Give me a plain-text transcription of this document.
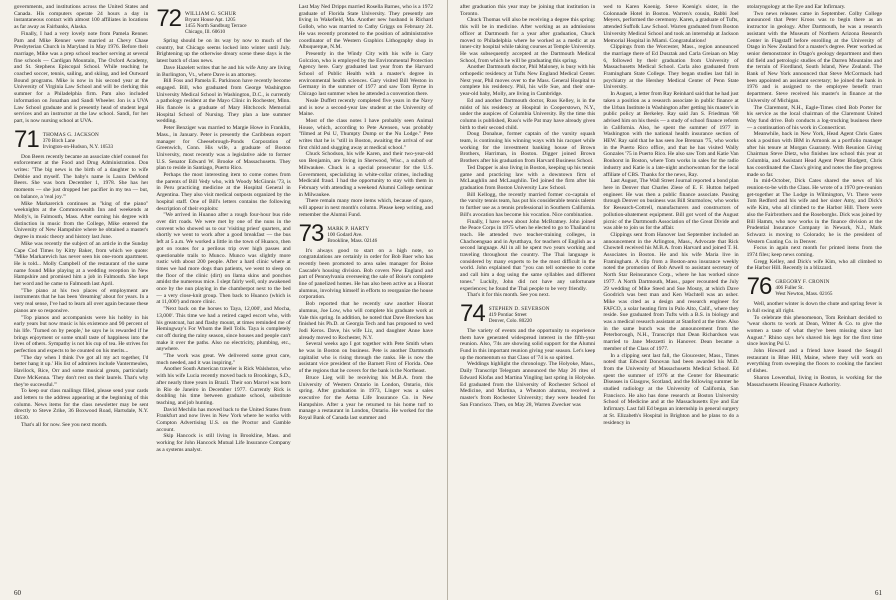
governments, and institutions across the United States and Canada. His computers operate 24 hours a day in instantaneous contact with almost 100 affiliates in locations as far away as Fairbanks, Alaska.

Finally, I had a very lovely note from Pamela Renner. Pam and Mike Renner were married at Chevy Chase Presbyterian Church in Maryland in May 1976. Before their marriage, Mike was a prep school teacher serving at several fine schools — Cardigan Mountain, The Oxford Academy, and St. Stephens Episcopal School. While teaching he coached soccer, tennis, sailing, and skiing, and led Outward Bound programs. Mike is now in his second year at the University of Virginia Law School and will be clerking this summer for a Philadelphia firm. Pam also included information on Jonathan and Sandi Wheeler. Jon is a UVA Law School graduate and is presently head of student legal services and an instructor at the law school. Sandi, for her part, is now nursing school at UVA.

71 THOMAS G. JACKSON
370 Birch Lane
Irvington-on-Hudson, N.Y. 10533

Don Beers recently became an associate chief counsel for enforcement at the Food and Drug Administration. Don writes: "The big news is the birth of a daughter to wife Debbie and myself. The baby's name is Laura DeMond Beers. She was born December 1, 1978. She has her moments — she just dropped her pacifier in my tea — but, on balance, a 'real joy.'"

Mike Markarerich continues as "king of the piano" weeknights at the Commonwealth Inn and weekends at Molly's, in Falmouth, Mass. After earning his degree with distinction in music from the College, Mike entered the University of New Hampshire where he obtained a master's degree in music theory and history last June.

Mike was recently the subject of an article in the Sunday Cape Cod Times by Kitty Baker, from which we quote: "Mike Markarevich has never seen his one-room apartment. He is told... Molly Campbell of the restaurant of the same name found Mike playing at a wedding reception in New Hampshire and promised him a job in Falmouth. She kept her word and he came to Falmouth last April.

"The piano at his two places of employment are instruments that he has been 'dreaming' about for years. In a very real sense, I've had to learn all over again because these pianos are so responsive.

"Top pianos and accompanists were his hobby in his early years but now music is his existence and 90 percent of his life. 'Turned on by people,' he says he is rewarded if he brings enjoyment or some small taste of happiness into the lives of others. Sympathy is not his cup of tea. He strives for perfection and expects to be counted on his merits...

"The day when I think I've got all my act together, I'd better hang it up.' His list of admirers include Vantermeulen, Havilock, Rice, Orr and some musical greats, particularly Dave McKenna. 'They don't rest on their laurels. That's why they're successful.'"

To keep our class mailings filled, please send your cards and letters to the address appearing at the beginning of this column. News items for the class newsletter may be sent directly to Steve Zrike, 36 Boxwood Road, Hartsdale, N.Y. 10530.

That's all for now. See you next month.

72 WILLIAM G. SCHUR
Bryant House Apt. 1205
1455 North Sandburg Terrace
Chicago, Ill. 60610

Spring should be on its way by now to much of the country, but Chicago seems locked into winter until July. Brightening up the otherwise dreary scene these days is the latest batch of class news.

Dave Hazelett writes that he and his wife Amy are living in Burlington, Vt., where Dave is an attorney.

Bill Foss and Pamela E. Parkinson have recently become engaged. Bill, who graduated from George Washington University Medical School in Washington, D.C., is currently a pathology resident at the Mayo Clinic in Rochester, Minn. His fiancée is a graduate of Mary Hitchcock Memorial Hospital School of Nursing. They plan a late summer wedding.

Peter Benziger was married to Margie Howe in Franklin, Mass., in January. Peter is presently the Caribbean export manager for Cheesebrough-Ponds Corporation of Greenwich, Conn. His wife, a graduate of Boston University, most recently was a legislative aide to former U.S. Senator Edward W. Brooke of Massachusetts. They plan to reside in Santiago, Puerto Rico.

Perhaps the most interesting item to come comes from the parents of Bill Vedy who, with Woody McGinnis '73, is in Peru practicing medicine at the Hospital General in Argentina. They also visit medical outposts organized by the hospital staff. One of Bill's letters contains the following description of their exploits:

"We arrived in Huanuo after a rough four-hour bus ride over dirt roads. We were met by one of the nuns in the convent who showed us to our 'visiting priest' quarters, and shortly we went to work after a good breakfast — the bus left at 5 a.m. We worked a little in the town of Huanco, then got on routes for a perilous trip over high passes and questionable trails to Munco. Munco was slightly more rustic with about 200 people. After a hard clinic where at times we had more dogs than patients, we went to sleep on the floor of the clinic (dirt) on llama skins and ponchos amidst the numerous mice. I slept fairly well, only awakened once by the nun playing in the chamberpot next to the bed — a very close-knit group. Then back to Huanco (which is at 11,000') and more clinic.

"Next back on the horses to Taya, 12,000', and Mocha, 13,000'. This time we had a retired caged escort who, with his greatcoat, hat and flashy mount, at times reminded me of Hemingway's For Whom the Bell Tolls. Taya is completely cut off during the rainy season, since houses and people can't make it over the paths. Also no electricity, plumbing, etc., anywhere.

"The work was great. We delivered some great care, much needed, and it was inspiring."

Another South American traveler is Rick Walshston, who with his wife Lucia recently moved back to Brookings, S.D., after nearly three years in Brazil. Their son Marcel was born in Rio de Janeiro in December 1977. Currently Rick is doubling his time between graduate school, substitute teaching, and job hunting.

David Mechlin has moved back to the United States from Frankfurt and now lives in New York where he works with Compton Advertising U.S. on the Proctor and Gamble account.

Skip Hancock is still living in Brookline, Mass. and working for John Hancock Mutual Life Insurance Company as a systems analyst.

Last May Ned Dripps married Rosella Barnes, who is a 1972 graduate of Florida State University. They presently are living in Wakefield, Ma. Another new husband is Richard Gollob, who was married to Cathy Griggs on February 24. He was recently promoted to the position of administrative coordinator of the Western Graphics Lithography shop in Albuquerque, N.M.

Presently in the Windy City with his wife is Gary Golczion, who is employed by the Environmental Protection Agency here. Gary graduated last year from the Harvard School of Public Health with a master's degree in environmental health sciences. Gary visited Bill Weston in Germany in the summer of 1977 and saw Tom Byrne in Chicago last summer when he attended a convention there.

Neale Duffett recently completed five years in the Navy and is now a second-year law student at the University of Maine.

Most of the class notes I have probably seen Animal House, which, according to Pete Arensen, was probably "filmed at Psi U, Thumpty Dump or the Nu Lodge." Pete writes that he is "still in Boston, awaiting the arrival of our first child and slugging away at medical school."

Chuck Schodson, his wife Karen, and their two-year-old son Benjamin, are living in Sherwood, Wisc., a suburb of Milwaukee. Chuck is a special prosecutor for the U.S. Government, specializing in white-collar crimes, including Medicaid fraud. I had the opportunity to stay with them in February with attending a weekend Alumni College seminar in Milwaukee.

There remain many more items which, because of space, will appear in next month's column. Please keep writing, and remember the Alumni Fund.

73 MARK P. HARTY
100 Godard Ave.
Brookline, Mass. 02146

It's always good to start on a high note, so congratulations are certainly in order for Bob Baer who has recently been promoted to area sales manager for Boise Cascade's housing division. Bob covers New England and part of Pennsylvania overseeing the sale of Boise's complete line of panelized homes. He has also been active as a Hoorat alumnus, involving himself in efforts to reorganize the house corporation.

Bob reported that he recently saw another Hoorat alumnus, Joe Low, who will complete his graduate work at Yale this spring. In addition, he noted that Dave Brecken has finished his Ph.D. at Georgia Tech and has proposed to wed Jodi Keros. Dave, his wife Liz, and daughter Anne have already moved to Rochester, N.Y.

Several weeks ago I got together with Pete Smith when he was in Boston on business. Pete is another Dartmouth capitalist who is rising through the ranks. He is now the assistant vice president of the Barnett First of Florida. One of the regions that he covers for the bank is the Northeast.

Bruce Lieg will be receiving his M.B.A. from the University of Western Ontario in London, Ontario, this spring. After graduation in 1973, Linger was a sales executive for the Aetna Life Insurance Co. in New Hampshire. After a year he returned to his home turf to manage a restaurant in London, Ontario. He worked for the Royal Bank of Canada last summer and

60

after graduation this year may be joining that institution in Toronto.

Chuck Thomas will also be receiving a degree this spring: this will be in medicine. After working as an admissions officer at Dartmouth for a year after graduation, Chuck moved to Philadelphia where he worked as a medic at an inner-city hospital while taking courses at Temple University. He was subsequently accepted at the Dartmouth Medical School, from which he will be graduating this spring.

Another Dartmouth doctor, Phil Maloney, is busy with his orthopedic residency at Tufts New England Medical Center. Next year, Phil moves over to the Mass. General Hospital to complete his residency. Phil, his wife Sue, and their one-year-old baby, Molly, are living in Cambridge.

Ed and another Dartmouth doctor, Russ Kelley, is in the midst of his residency at Hospital in Cooperstown, N.Y., under the auspices of Columbia University. By the time this column is published, Russ's wife Pat may have already given birth to their second child.

Doug Donahue, former captain of the varsity squash team, is continuing his winning ways with his racquet while working for the investment banking house of Brown Brothers, Harriman, in Boston. Digger joined Brown Brothers after his graduation from Harvard Business School.

Ted Dapper is also living in Boston, keeping up his tennis game and practicing law with a downtown firm of McLaughlin and McLaughlin. Ted joined the firm after his graduation from Boston University Law School.

Bill Kellogg, the recently married former co-captain of the varsity tennis team, has put his considerable tennis talents to further use as a tennis professional in Southern California. Bill's avocation has become his vocation. Nice combination.

Finally, I have news about John McBratney. John joined the Peace Corps in 1975 when he elected to go to Thailand to teach. He attended two teacher-training colleges, in Chachoengsao and in Ayutthaya, for teachers of English as a second language. All in all he spent two years working and traveling throughout the country. The Thai language is considered by many experts to be the most difficult in the world. John explained that "you can tell someone to come and call him a dog using the same syllables and different tones." Luckily, John did not have any unfortunate experiences; he found the Thai people to be very friendly.

That's it for this month. See you next.

74 STEPHEN D. SEVERSON
419 Pontiac Street
Denver, Colo. 80220

The variety of events and the opportunity to experience them have generated widespread interest in the fifth-year reunion. Also, '74s are showing solid support for the Alumni Fund in this important reunion giving year season. Let's keep up the momentum so that Class of '74 is so spirited.

Weddings highlight the chronology. The Holyoke, Mass., Daily Transcript Telegram announced the May 26 rites of Edward Klofas and Martina Yingling last spring in Holyoke. Ed graduated from the University of Rochester School of Medicine, and Martina, a Wheaton alumna, received a master's from Rochester University; they were headed for San Francisco. Then, on May 28, Warren Zwecker was

wed to Karen Koenig. Steve Koenig's sister, in the Colonnade Hotel in Boston. Warren's cousin, Rabbi Joel Meyers, performed the ceremony. Karen, a graduate of Tufts, attended Suffolk Law School. Warren graduated from Boston University Medical School and took an internship at Jackson Memorial Hospital in Miami. Congratulations!

Clippings from the Worcester, Mass., region announced the marriage there of Ed Dusztak and Carla Greiaan on May 6, followed by their graduation from University of Massachusetts Medical School. Carla also graduated from Framingham State College. They began studies last fall in psychiatry at the Hershey Medical Center of Penn State University.

In August, a letter from Ray Reinhard said that he had just taken a position as a research associate in public finance at the Urban Institute in Washington after getting his master's in public policy at Berkeley. Ray said Jan S. Friedman '68 advised him on his thesis — a study of school finance reform in California. Also, he spent the summer of 1977 in Washington with the national health insurance section of HEW. Ray said that he has seen Joe Brennan '75, who works in the Puerto Rico office, and that he has visited Wally Gonzales '75 in Puerto Rico. He also saw Tom and Katie Van Bonhorst in Boston, where Tom works in sales for the radio industry and Katie is a late-night anchorwoman for the local affiliate of CBS. Thanks for the news, Ray.

Last August, The Wall Street Journal reported a bond plan here in Denver that Charles Ziese of E. F. Hutton helped engineer. He was then a public finance associate. Passing through Denver on business was Bill Sturmolow, who works for Research-Cottrell, manufacturers and constructors of pollution-abatement equipment. Bill got word of the August picnic of the Dartmouth Association of the Great Divide and was able to join us for the affair.

Clippings sent from Hanover last September included an announcement in the Arlington, Mass., Advocate that Rick Chowtell received his M.B.A. from Harvard and joined T. H. Associates in Boston. He and his wife Maria live in Framingham. A clip from a Boston-area insurance weekly noted the promotion of Bob Atwell to assistant secretary of North Star Reinsurance Corp., where he has worked since 1977. A North Dartmouth, Mass., paper recounted the July 29 wedding of Mike Steed and Sue Mosny, at which Dave Goodrich was best man and Ken Wachtell was an usher. Mike was cited as a design and research engineer for FAFCO, a solar heating firm in Palo Alto, Calif., where they reside. Sue graduated from Tufts with a B.S. in biology and was a medical research assistant at Stanford at the time. Also in the same bunch was the announcement from the Peterborough, N.H., Transcript that Dean Richardson was married to Jane Mezzetti in Hanover. Dean became a member of the Class of 1977.

In a clipping sent last fall, the Gloucester, Mass., Times noted that Edward Donovan had been awarded his M.D. from the University of Massachusetts Medical School. Ed spent the summer of 1976 at the Center for Rheumatic Diseases in Glasgow, Scotland, and the following summer he studied radiology at the University of California, San Francisco. He also has done research at Boston University School of Medicine and at the Massachusetts Eye and Ear Infirmary. Last fall Ed began an internship in general surgery at St. Elizabeth's Hospital in Brighton and he plans to do a residency in

otolaryngology at the Eye and Ear Infirmary.

Two news releases came in September. Colby College announced that Peter Kroos was to begin there as an instructor in geology. After Dartmouth, he was a research assistant with the Museum of Northern Arizona Research Center in Flagstaff before enrolling at the University of Otago in New Zealand for a master's degree. Peter worked as senior demonstrator in Otago's geology department and then did field and petrologic studies of the Darren Mountains and the terrain of Fiordland, South Island, New Zealand. The Bank of New York announced that Steve McCormack had been appointed an assistant secretary; he joined the bank in 1976 and is assigned to the employee benefit trust department. Steve received his master's in finance at the University of Michigan.

The Claremont, N.H., Eagle-Times cited Bob Porter for his service as the local chairman of the Claremont United Way fund drive. Bob conducts a log-trucking business there — a continuation of his work in Connecticut.

Meanwhile, back in New York, Head Agent Chris Gates took a position with IBM in Armonk as a portfolio manager after his tenure at Morgan Guaranty. With Reunion Giving Chairman Steve Dietz, who finishes law school this year at Columbia, and Assistant Head Agent Peter Blodgett, Chris has coordinated the Class's giving and notes the fine progress made so far.

In mid-October, Dick Cates shared the news of his reunion-to-be with the Class. He wrote of a 1970 pre-reunion get-together at The Lodge in Wilmington, Vt. There were Tom Redford and his wife and her sister Amy, and Dick's wife Kim, who all climbed to the Harbor Hill. There were also the Fairbrothers and the Roseborghs. Dick was joined by Bill Hamm, who now works in the finance division at the Prudential Insurance Company in Newark, N.J., Mark Schwarz is moving to Colorado; he is the president of Western Coating Co. in Denver.

Focus in again next month for printed items from the 1974 files; keep news coming.

Gregg Kelley, and Dick's wife Kim, who all climbed to the Harbor Hill. Recently in a blizzard.

76 GREGORY F. CRONIN
406 Fuller St.
West Newton, Mass. 02165

Well, another winter is down the chute and spring fever is in full swing all right.

To celebrate this phenomenon, Tom Reinhart decided to "wear shorts to work at Dean, Witter & Co. to give the women a taste of what they've been missing since last August." Rhino says he's shaved his legs for the first time since leaving Psi U.

John Howard and a friend have leased the Seagull restaurant in Blue Hill, Maine, where they will work on everything from sweeping the floors to cooking the fanciest of dishes.

Sharon Lowenthal, living in Boston, is working for the Massachusetts Housing Finance Authority.

61
